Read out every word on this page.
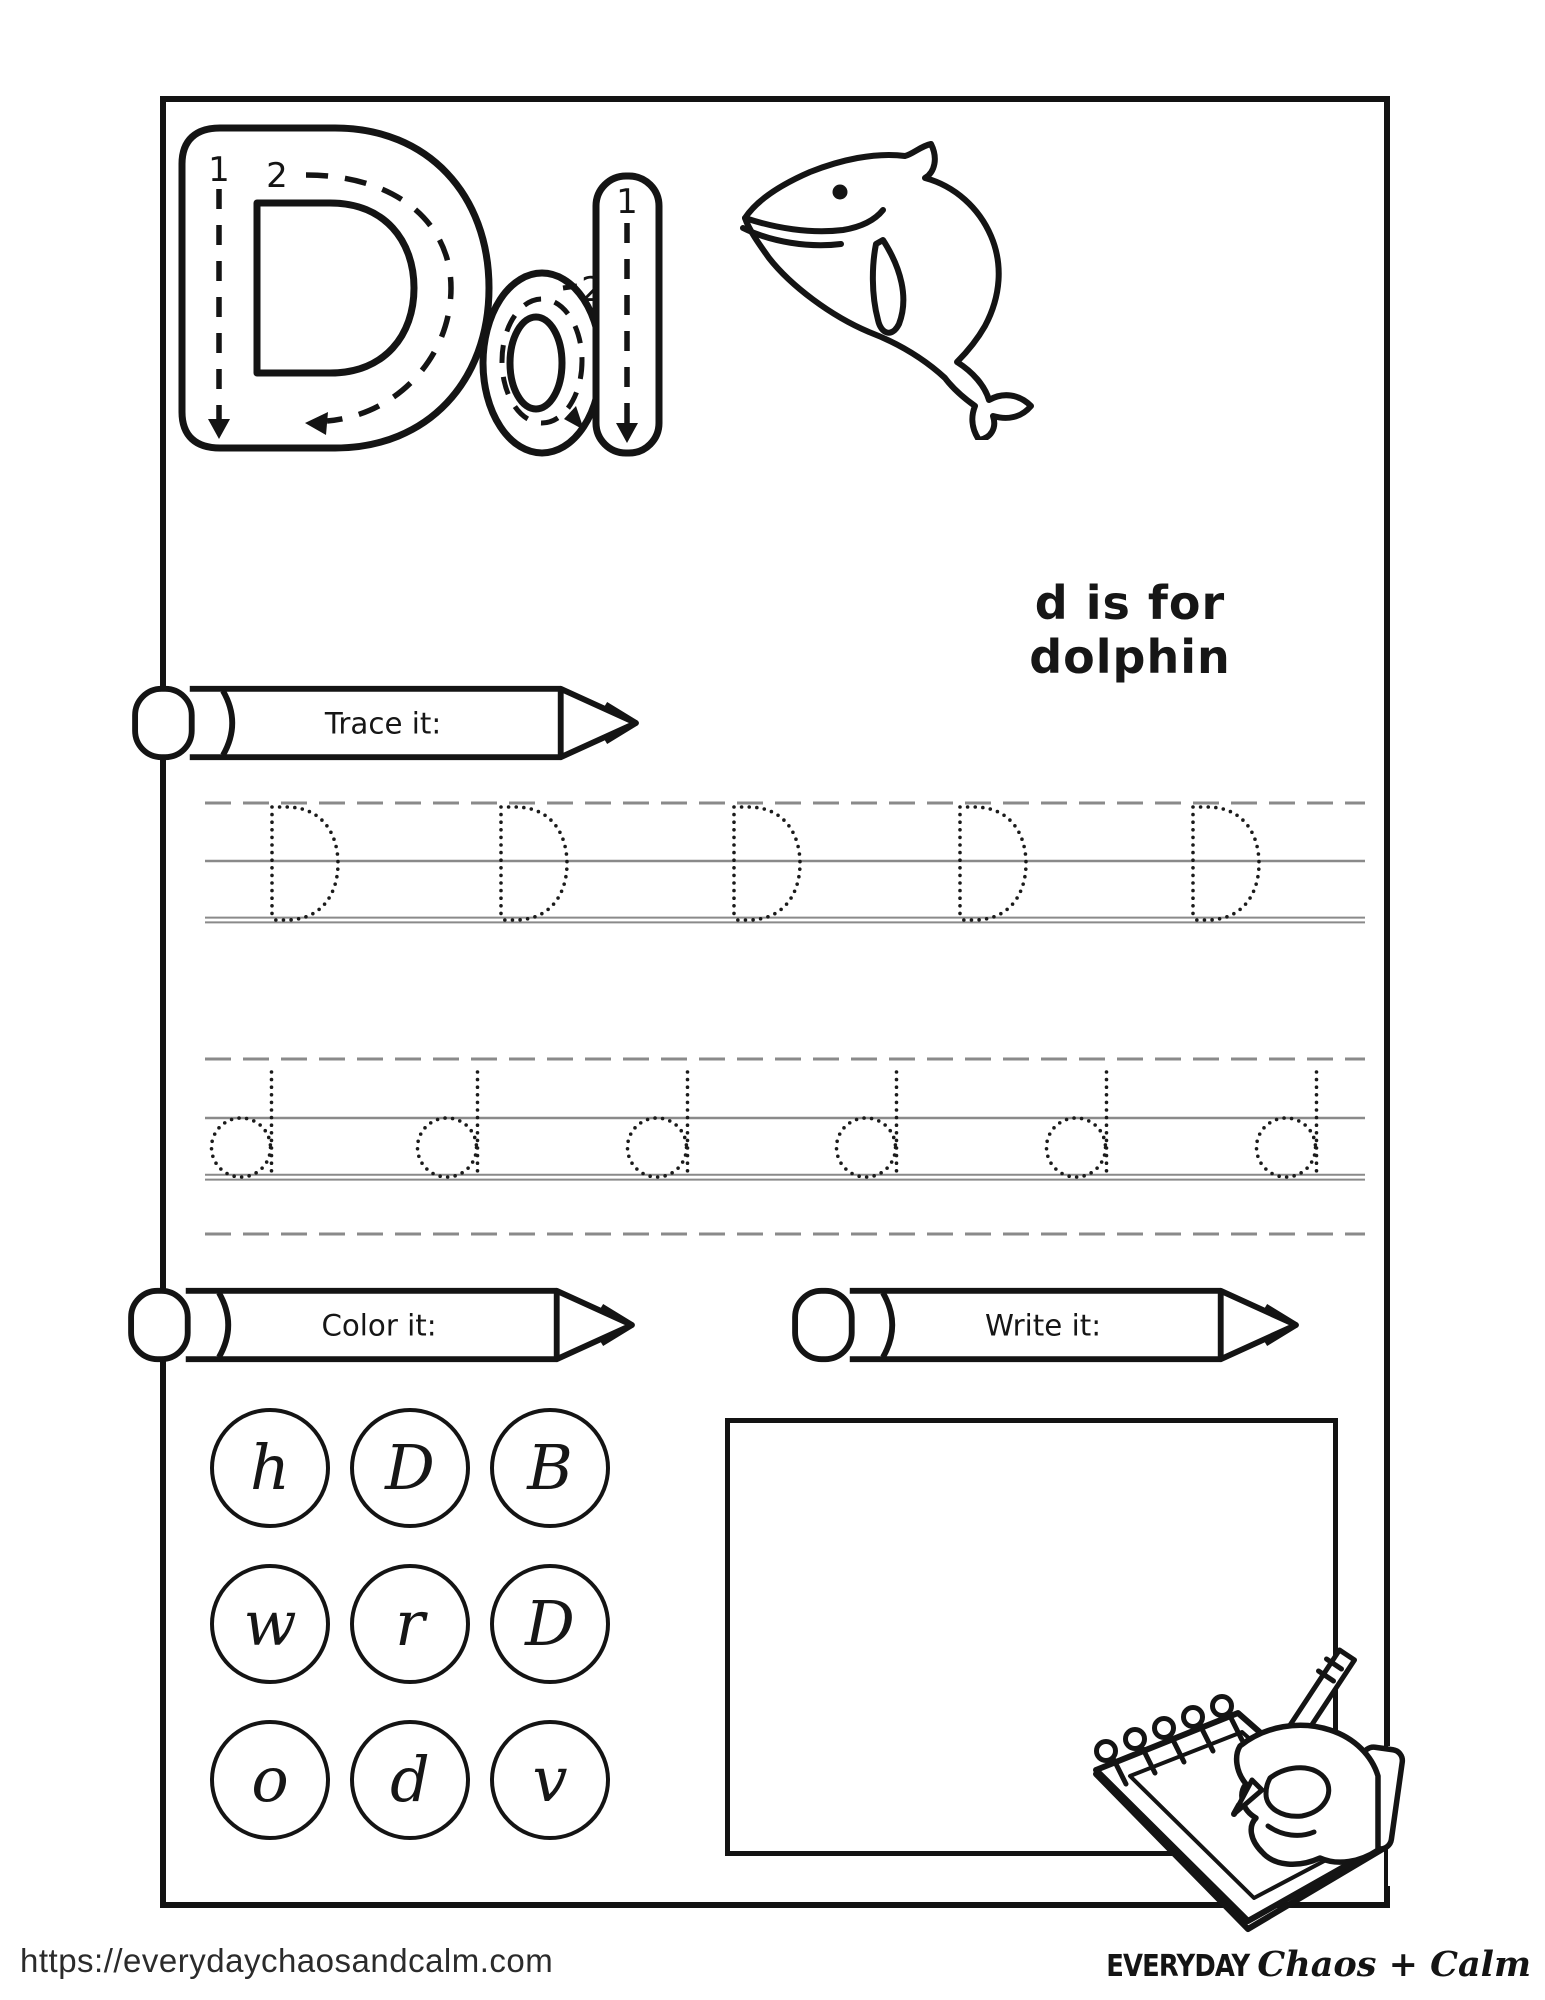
1 2
1
2
d is for dolphin
Trace it:
Color it:	Write it:
h D B
w r D
o d v
https://everydaychaosandcalm.com	EVERYDAY Chaos + Calm
